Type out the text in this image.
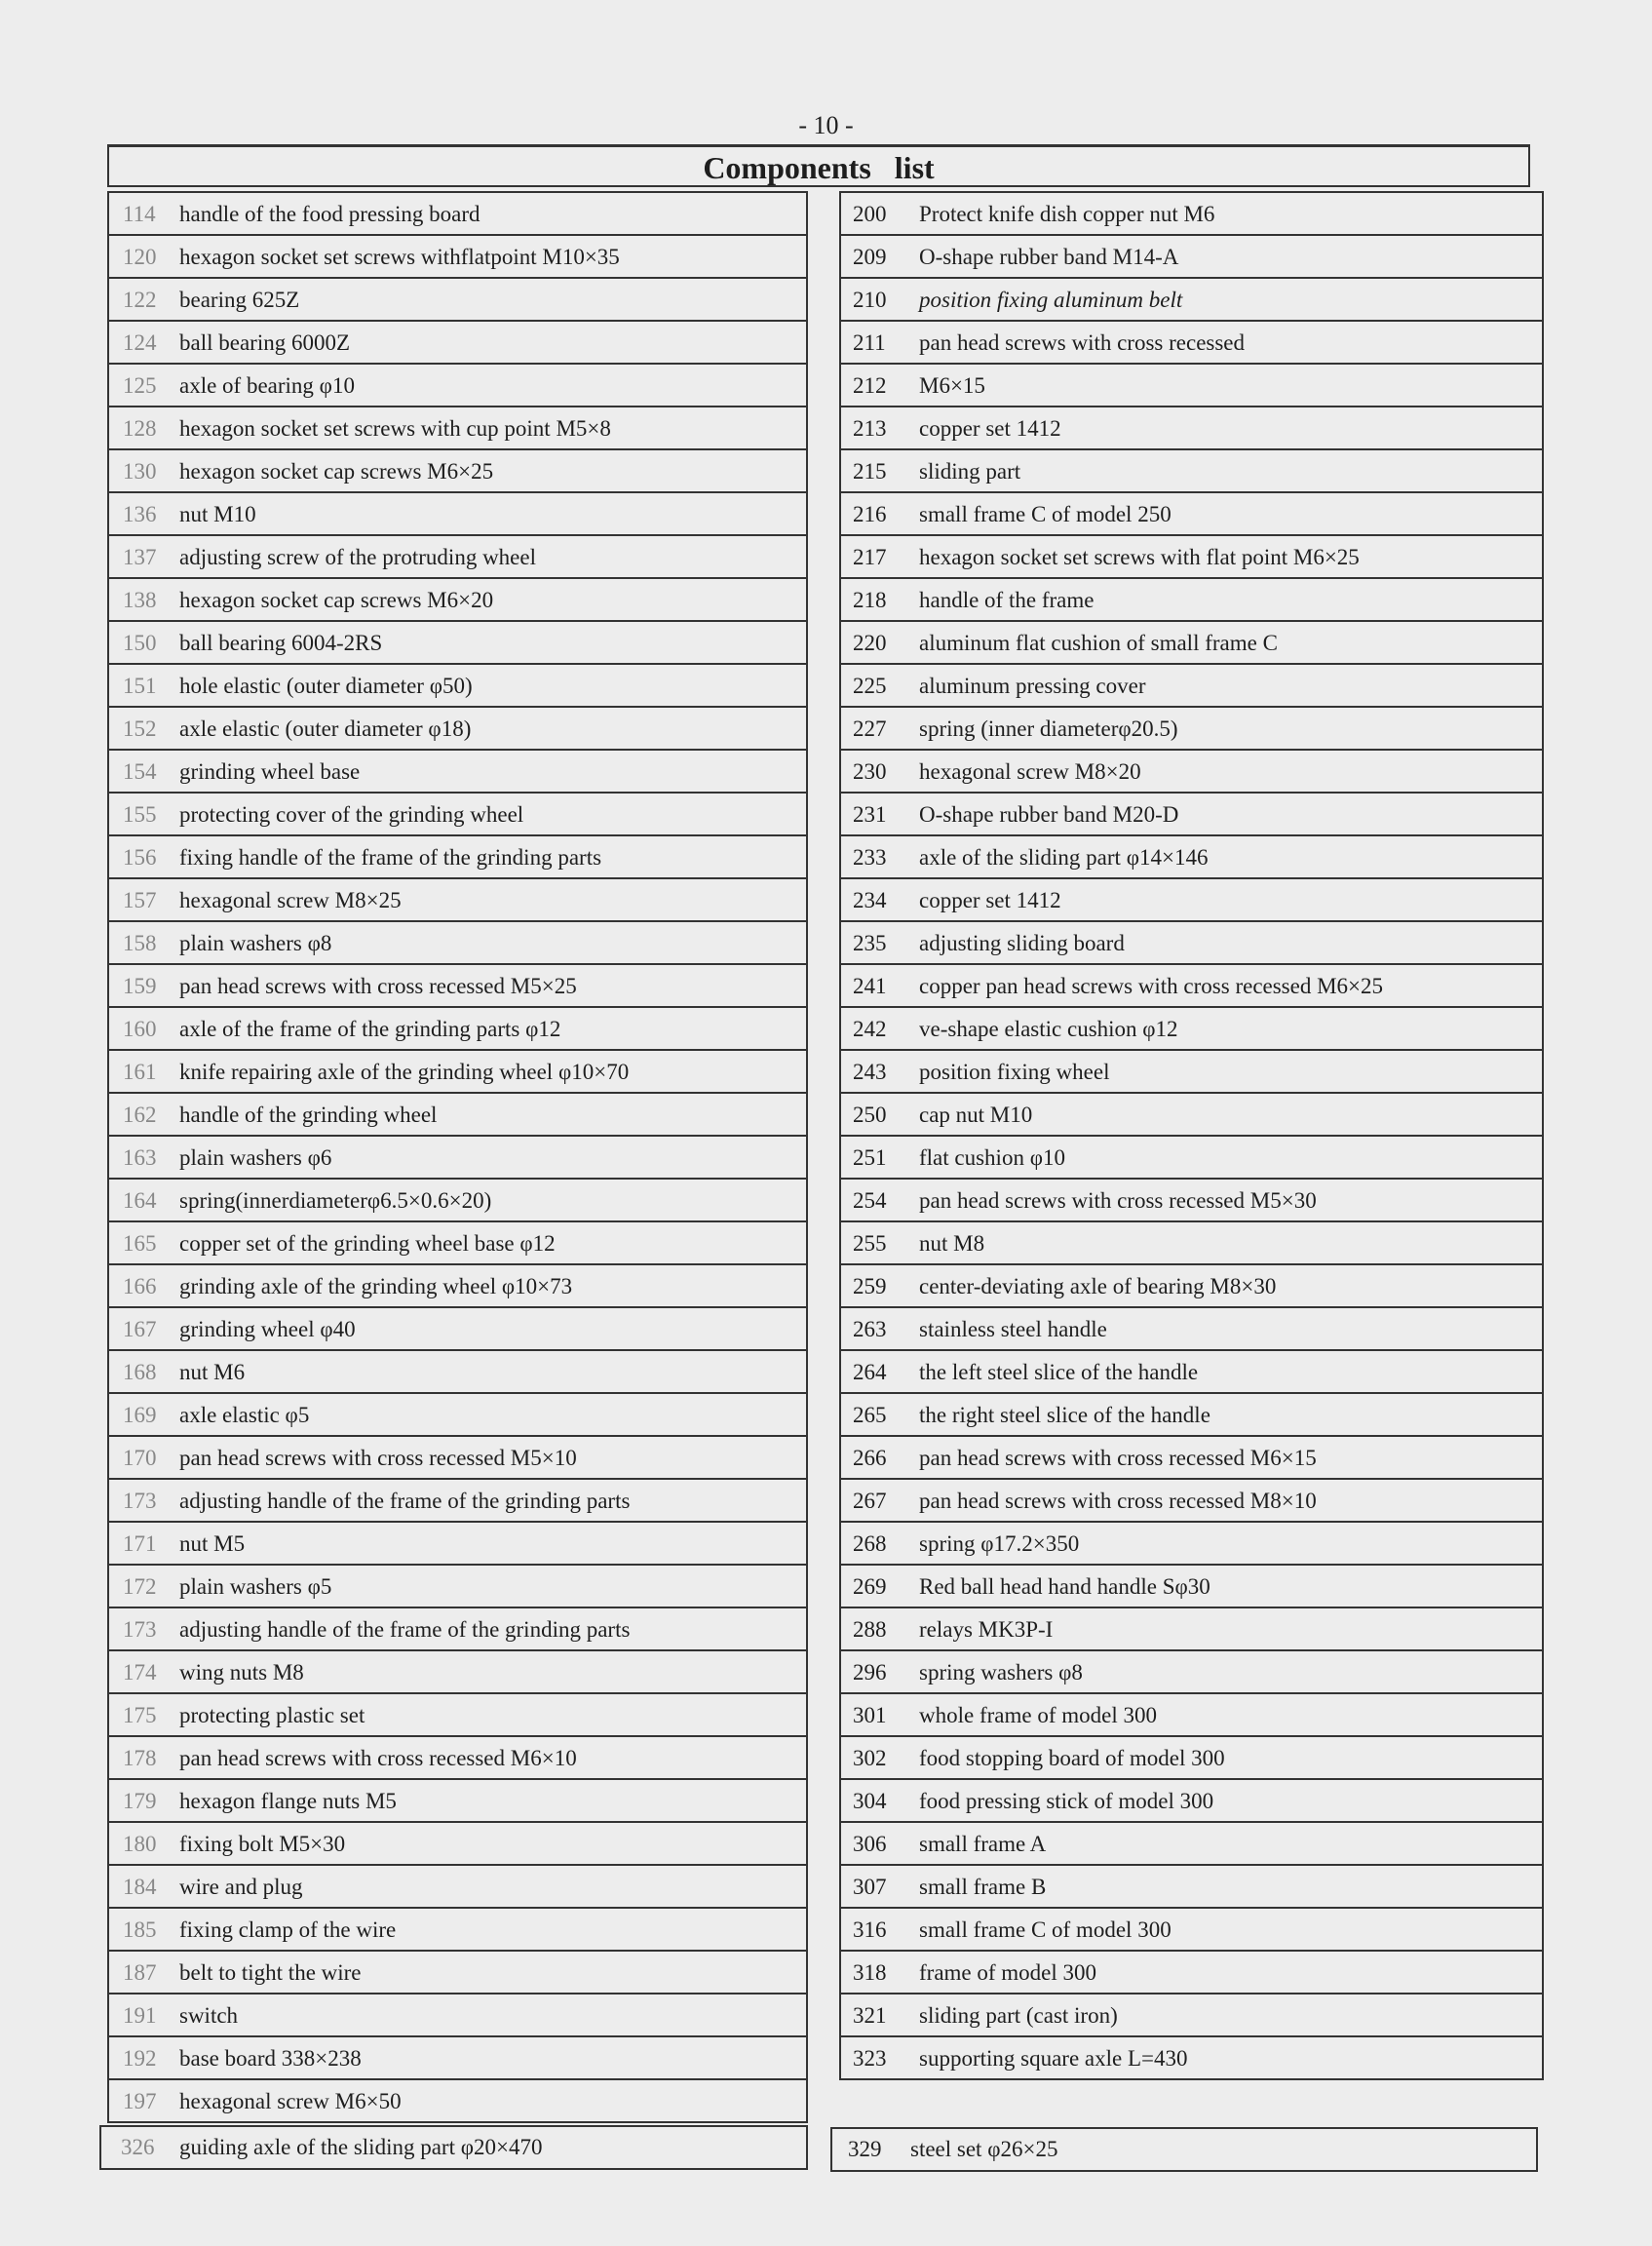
- 10 -
Components list
114 handle of the food pressing board
120 hexagon socket set screws withflatpoint M10×35
122 bearing 625Z
124 ball bearing 6000Z
125 axle of bearing φ10
128 hexagon socket set screws with cup point M5×8
130 hexagon socket cap screws M6×25
136 nut M10
137 adjusting screw of the protruding wheel
138 hexagon socket cap screws M6×20
150 ball bearing 6004-2RS
151 hole elastic (outer diameter φ50)
152 axle elastic (outer diameter φ18)
154 grinding wheel base
155 protecting cover of the grinding wheel
156 fixing handle of the frame of the grinding parts
157 hexagonal screw M8×25
158 plain washers φ8
159 pan head screws with cross recessed M5×25
160 axle of the frame of the grinding parts φ12
161 knife repairing axle of the grinding wheel φ10×70
162 handle of the grinding wheel
163 plain washers φ6
164 spring(innerdiameterφ6.5×0.6×20)
165 copper set of the grinding wheel base φ12
166 grinding axle of the grinding wheel φ10×73
167 grinding wheel φ40
168 nut M6
169 axle elastic φ5
170 pan head screws with cross recessed M5×10
173 adjusting handle of the frame of the grinding parts
171 nut M5
172 plain washers φ5
173 adjusting handle of the frame of the grinding parts
174 wing nuts M8
175 protecting plastic set
178 pan head screws with cross recessed M6×10
179 hexagon flange nuts M5
180 fixing bolt M5×30
184 wire and plug
185 fixing clamp of the wire
187 belt to tight the wire
191 switch
192 base board 338×238
197 hexagonal screw M6×50
200 Protect knife dish copper nut M6
209 O-shape rubber band M14-A
210 position fixing aluminum belt
211 pan head screws with cross recessed
212 M6×15
213 copper set 1412
215 sliding part
216 small frame C of model 250
217 hexagon socket set screws with flat point M6×25
218 handle of the frame
220 aluminum flat cushion of small frame C
225 aluminum pressing cover
227 spring (inner diameterφ20.5)
230 hexagonal screw M8×20
231 O-shape rubber band M20-D
233 axle of the sliding part φ14×146
234 copper set 1412
235 adjusting sliding board
241 copper pan head screws with cross recessed M6×25
242 ve-shape elastic cushion φ12
243 position fixing wheel
250 cap nut M10
251 flat cushion φ10
254 pan head screws with cross recessed M5×30
255 nut M8
259 center-deviating axle of bearing M8×30
263 stainless steel handle
264 the left steel slice of the handle
265 the right steel slice of the handle
266 pan head screws with cross recessed M6×15
267 pan head screws with cross recessed M8×10
268 spring φ17.2×350
269 Red ball head hand handle Sφ30
288 relays MK3P-I
296 spring washers φ8
301 whole frame of model 300
302 food stopping board of model 300
304 food pressing stick of model 300
306 small frame A
307 small frame B
316 small frame C of model 300
318 frame of model 300
321 sliding part (cast iron)
323 supporting square axle L=430
326 guiding axle of the sliding part φ20×470	329 steel set φ26×25
